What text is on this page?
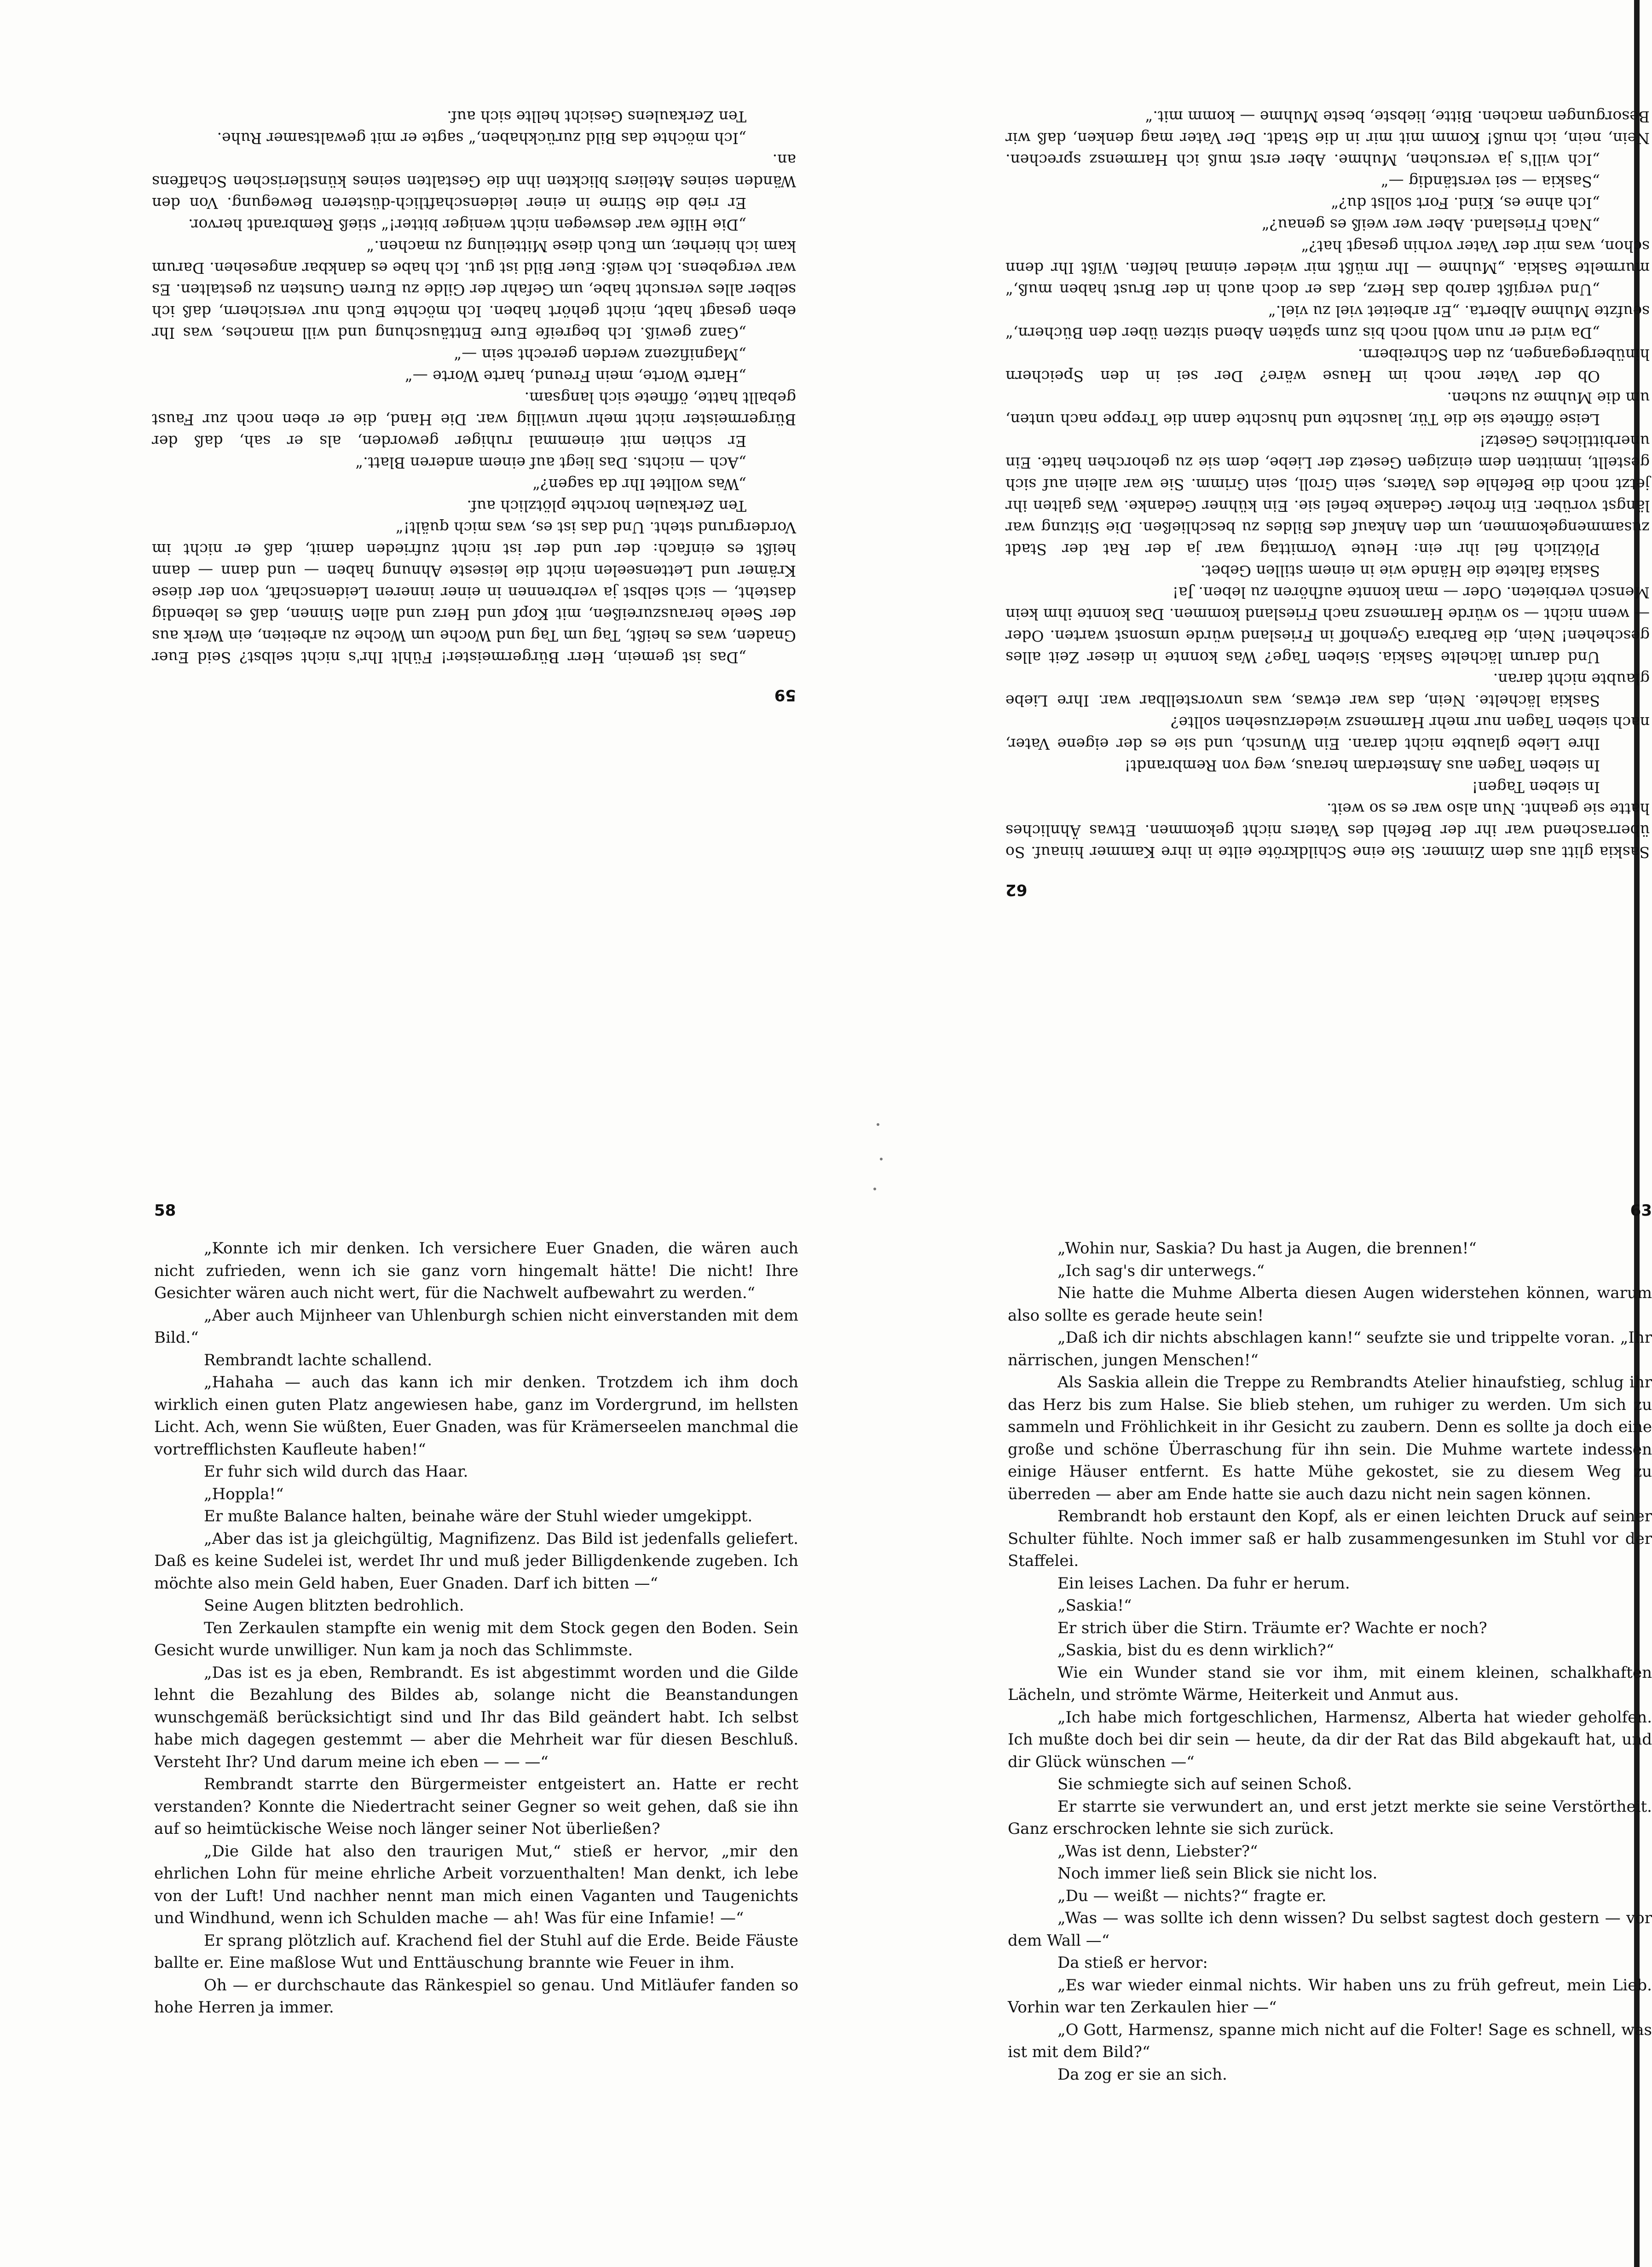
59

„Das ist gemein, Herr Bürgermeister! Fühlt Ihr's nicht selbst? Seid Euer Gnaden, was es heißt, Tag um Tag und Woche um Woche zu arbeiten, ein Werk aus der Seele herauszureißen, mit Kopf und Herz und allen Sinnen, daß es lebendig dasteht, — sich selbst ja verbrennen in einer inneren Leidenschaft, von der diese Krämer und Lettenseelen nicht die leiseste Ahnung haben — und dann — dann heißt es einfach: der und der ist nicht zufrieden damit, daß er nicht im Vordergrund steht. Und das ist es, was mich quält!“

Ten Zerkaulen horchte plötzlich auf.

„Was wolltet Ihr da sagen?“

„Ach — nichts. Das liegt auf einem anderen Blatt.“

Er schien mit einemmal ruhiger geworden, als er sah, daß der Bürgermeister nicht mehr unwillig war. Die Hand, die er eben noch zur Faust geballt hatte, öffnete sich langsam.

„Harte Worte, mein Freund, harte Worte —“

„Magnifizenz werden gerecht sein —“

„Ganz gewiß. Ich begreife Eure Enttäuschung und will manches, was Ihr eben gesagt habt, nicht gehört haben. Ich möchte Euch nur versichern, daß ich selber alles versucht habe, um Gefahr der Gilde zu Euren Gunsten zu gestalten. Es war vergebens. Ich weiß: Euer Bild ist gut. Ich habe es dankbar angesehen. Darum kam ich hierher, um Euch diese Mitteilung zu machen.“

„Die Hilfe war deswegen nicht weniger bitter!“ stieß Rembrandt hervor.

Er rieb die Stirne in einer leidenschaftlich-düsteren Bewegung. Von den Wänden seines Ateliers blickten ihn die Gestalten seines künstlerischen Schaffens an.

„Ich möchte das Bild zurückhaben,“ sagte er mit gewaltsamer Ruhe.

Ten Zerkaulens Gesicht hellte sich auf.

62

Saskia glitt aus dem Zimmer. Sie eine Schildkröte eilte in ihre Kammer hinauf. So überraschend war ihr der Befehl des Vaters nicht gekommen. Etwas Ähnliches hatte sie geahnt. Nun also war es so weit.

In sieben Tagen!

In sieben Tagen aus Amsterdam heraus, weg von Rembrandt!

Ihre Liebe glaubte nicht daran. Ein Wunsch, und sie es der eigene Vater, nach sieben Tagen nur mehr Harmensz wiederzusehen sollte?

Saskia lächelte. Nein, das war etwas, was unvorstellbar war. Ihre Liebe glaubte nicht daran.

Und darum lächelte Saskia. Sieben Tage? Was konnte in dieser Zeit alles geschehen! Nein, die Barbara Gyenhoff in Friesland würde umsonst warten. Oder — wenn nicht — so würde Harmensz nach Friesland kommen. Das konnte ihm kein Mensch verbieten. Oder — man konnte aufhören zu leben. Ja!

Saskia faltete die Hände wie in einem stillen Gebet.

Plötzlich fiel ihr ein: Heute Vormittag war ja der Rat der Stadt zusammengekommen, um den Ankauf des Bildes zu beschließen. Die Sitzung war längst vorüber. Ein froher Gedanke befiel sie. Ein kühner Gedanke. Was galten ihr jetzt noch die Befehle des Vaters, sein Groll, sein Grimm. Sie war allein auf sich gestellt, inmitten dem einzigen Gesetz der Liebe, dem sie zu gehorchen hatte. Ein unerbittliches Gesetz!

Leise öffnete sie die Tür, lauschte und huschte dann die Treppe nach unten, um die Muhme zu suchen.

Ob der Vater noch im Hause wäre? Der sei in den Speichern hinübergegangen, zu den Schreibern.

„Da wird er nun wohl noch bis zum späten Abend sitzen über den Büchern,“ seufzte Muhme Alberta. „Er arbeitet viel zu viel.“

„Und vergißt darob das Herz, das er doch auch in der Brust haben muß,“ murmelte Saskia. „Muhme — Ihr müßt mir wieder einmal helfen. Wißt Ihr denn schon, was mir der Vater vorhin gesagt hat?“

„Nach Friesland. Aber wer weiß es genau?“

„Ich ahne es, Kind. Fort sollst du?“

„Saskia — sei verständig —“

„Ich will's ja versuchen, Muhme. Aber erst muß ich Harmensz sprechen. Nein, nein, ich muß! Komm mit mir in die Stadt. Der Vater mag denken, daß wir Besorgungen machen. Bitte, liebste, beste Muhme — komm mit.“

58

„Konnte ich mir denken. Ich versichere Euer Gnaden, die wären auch nicht zufrieden, wenn ich sie ganz vorn hingemalt hätte! Die nicht! Ihre Gesichter wären auch nicht wert, für die Nachwelt aufbewahrt zu werden.“

„Aber auch Mijnheer van Uhlenburgh schien nicht einverstanden mit dem Bild.“

Rembrandt lachte schallend.

„Hahaha — auch das kann ich mir denken. Trotzdem ich ihm doch wirklich einen guten Platz angewiesen habe, ganz im Vordergrund, im hellsten Licht. Ach, wenn Sie wüßten, Euer Gnaden, was für Krämerseelen manchmal die vortrefflichsten Kaufleute haben!“

Er fuhr sich wild durch das Haar.

„Hoppla!“

Er mußte Balance halten, beinahe wäre der Stuhl wieder umgekippt.

„Aber das ist ja gleichgültig, Magnifizenz. Das Bild ist jedenfalls geliefert. Daß es keine Sudelei ist, werdet Ihr und muß jeder Billigdenkende zugeben. Ich möchte also mein Geld haben, Euer Gnaden. Darf ich bitten —“

Seine Augen blitzten bedrohlich.

Ten Zerkaulen stampfte ein wenig mit dem Stock gegen den Boden. Sein Gesicht wurde unwilliger. Nun kam ja noch das Schlimmste.

„Das ist es ja eben, Rembrandt. Es ist abgestimmt worden und die Gilde lehnt die Bezahlung des Bildes ab, solange nicht die Beanstandungen wunschgemäß berücksichtigt sind und Ihr das Bild geändert habt. Ich selbst habe mich dagegen gestemmt — aber die Mehrheit war für diesen Beschluß. Versteht Ihr? Und darum meine ich eben — — —“

Rembrandt starrte den Bürgermeister entgeistert an. Hatte er recht verstanden? Konnte die Niedertracht seiner Gegner so weit gehen, daß sie ihn auf so heimtückische Weise noch länger seiner Not überließen?

„Die Gilde hat also den traurigen Mut,“ stieß er hervor, „mir den ehrlichen Lohn für meine ehrliche Arbeit vorzuenthalten! Man denkt, ich lebe von der Luft! Und nachher nennt man mich einen Vaganten und Taugenichts und Windhund, wenn ich Schulden mache — ah! Was für eine Infamie! —“

Er sprang plötzlich auf. Krachend fiel der Stuhl auf die Erde. Beide Fäuste ballte er. Eine maßlose Wut und Enttäuschung brannte wie Feuer in ihm.

Oh — er durchschaute das Ränkespiel so genau. Und Mitläufer fanden so hohe Herren ja immer.

63

„Wohin nur, Saskia? Du hast ja Augen, die brennen!“

„Ich sag's dir unterwegs.“

Nie hatte die Muhme Alberta diesen Augen widerstehen können, warum also sollte es gerade heute sein!

„Daß ich dir nichts abschlagen kann!“ seufzte sie und trippelte voran. „Ihr närrischen, jungen Menschen!“

Als Saskia allein die Treppe zu Rembrandts Atelier hinaufstieg, schlug ihr das Herz bis zum Halse. Sie blieb stehen, um ruhiger zu werden. Um sich zu sammeln und Fröhlichkeit in ihr Gesicht zu zaubern. Denn es sollte ja doch eine große und schöne Überraschung für ihn sein. Die Muhme wartete indessen einige Häuser entfernt. Es hatte Mühe gekostet, sie zu diesem Weg zu überreden — aber am Ende hatte sie auch dazu nicht nein sagen können.

Rembrandt hob erstaunt den Kopf, als er einen leichten Druck auf seiner Schulter fühlte. Noch immer saß er halb zusammengesunken im Stuhl vor der Staffelei.

Ein leises Lachen. Da fuhr er herum.

„Saskia!“

Er strich über die Stirn. Träumte er? Wachte er noch?

„Saskia, bist du es denn wirklich?“

Wie ein Wunder stand sie vor ihm, mit einem kleinen, schalkhaften Lächeln, und strömte Wärme, Heiterkeit und Anmut aus.

„Ich habe mich fortgeschlichen, Harmensz, Alberta hat wieder geholfen. Ich mußte doch bei dir sein — heute, da dir der Rat das Bild abgekauft hat, und dir Glück wünschen —“

Sie schmiegte sich auf seinen Schoß.

Er starrte sie verwundert an, und erst jetzt merkte sie seine Verstörtheit. Ganz erschrocken lehnte sie sich zurück.

„Was ist denn, Liebster?“

Noch immer ließ sein Blick sie nicht los.

„Du — weißt — nichts?“ fragte er.

„Was — was sollte ich denn wissen? Du selbst sagtest doch gestern — vor dem Wall —“

Da stieß er hervor:

„Es war wieder einmal nichts. Wir haben uns zu früh gefreut, mein Lieb. Vorhin war ten Zerkaulen hier —“

„O Gott, Harmensz, spanne mich nicht auf die Folter! Sage es schnell, was ist mit dem Bild?“

Da zog er sie an sich.
